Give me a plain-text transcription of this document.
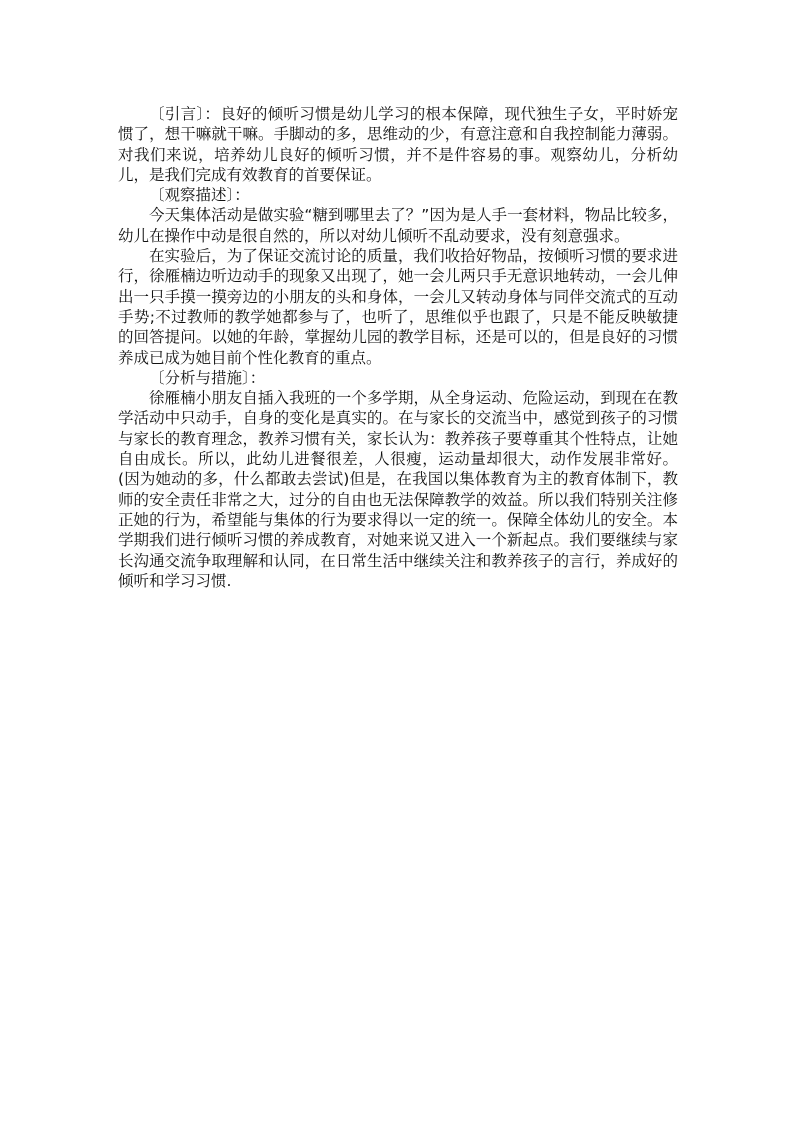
〔引言〕：良好的倾听习惯是幼儿学习的根本保障，现代独生子女，平时娇宠惯了，想干嘛就干嘛。手脚动的多，思维动的少，有意注意和自我控制能力薄弱。对我们来说，培养幼儿良好的倾听习惯，并不是件容易的事。观察幼儿，分析幼儿，是我们完成有效教育的首要保证。

〔观察描述〕：

今天集体活动是做实验“糖到哪里去了？”因为是人手一套材料，物品比较多，幼儿在操作中动是很自然的，所以对幼儿倾听不乱动要求，没有刻意强求。

在实验后，为了保证交流讨论的质量，我们收拾好物品，按倾听习惯的要求进行，徐雁楠边听边动手的现象又出现了，她一会儿两只手无意识地转动，一会儿伸出一只手摸一摸旁边的小朋友的头和身体，一会儿又转动身体与同伴交流式的互动手势;不过教师的教学她都参与了，也听了，思维似乎也跟了，只是不能反映敏捷的回答提问。以她的年龄，掌握幼儿园的教学目标，还是可以的，但是良好的习惯养成已成为她目前个性化教育的重点。

〔分析与措施〕：

徐雁楠小朋友自插入我班的一个多学期，从全身运动、危险运动，到现在在教学活动中只动手，自身的变化是真实的。在与家长的交流当中，感觉到孩子的习惯与家长的教育理念，教养习惯有关，家长认为：教养孩子要尊重其个性特点，让她自由成长。所以，此幼儿进餐很差，人很瘦，运动量却很大，动作发展非常好。(因为她动的多，什么都敢去尝试)但是，在我国以集体教育为主的教育体制下，教师的安全责任非常之大，过分的自由也无法保障教学的效益。所以我们特别关注修正她的行为，希望能与集体的行为要求得以一定的统一。保障全体幼儿的安全。本学期我们进行倾听习惯的养成教育，对她来说又进入一个新起点。我们要继续与家长沟通交流争取理解和认同，在日常生活中继续关注和教养孩子的言行，养成好的倾听和学习习惯.
